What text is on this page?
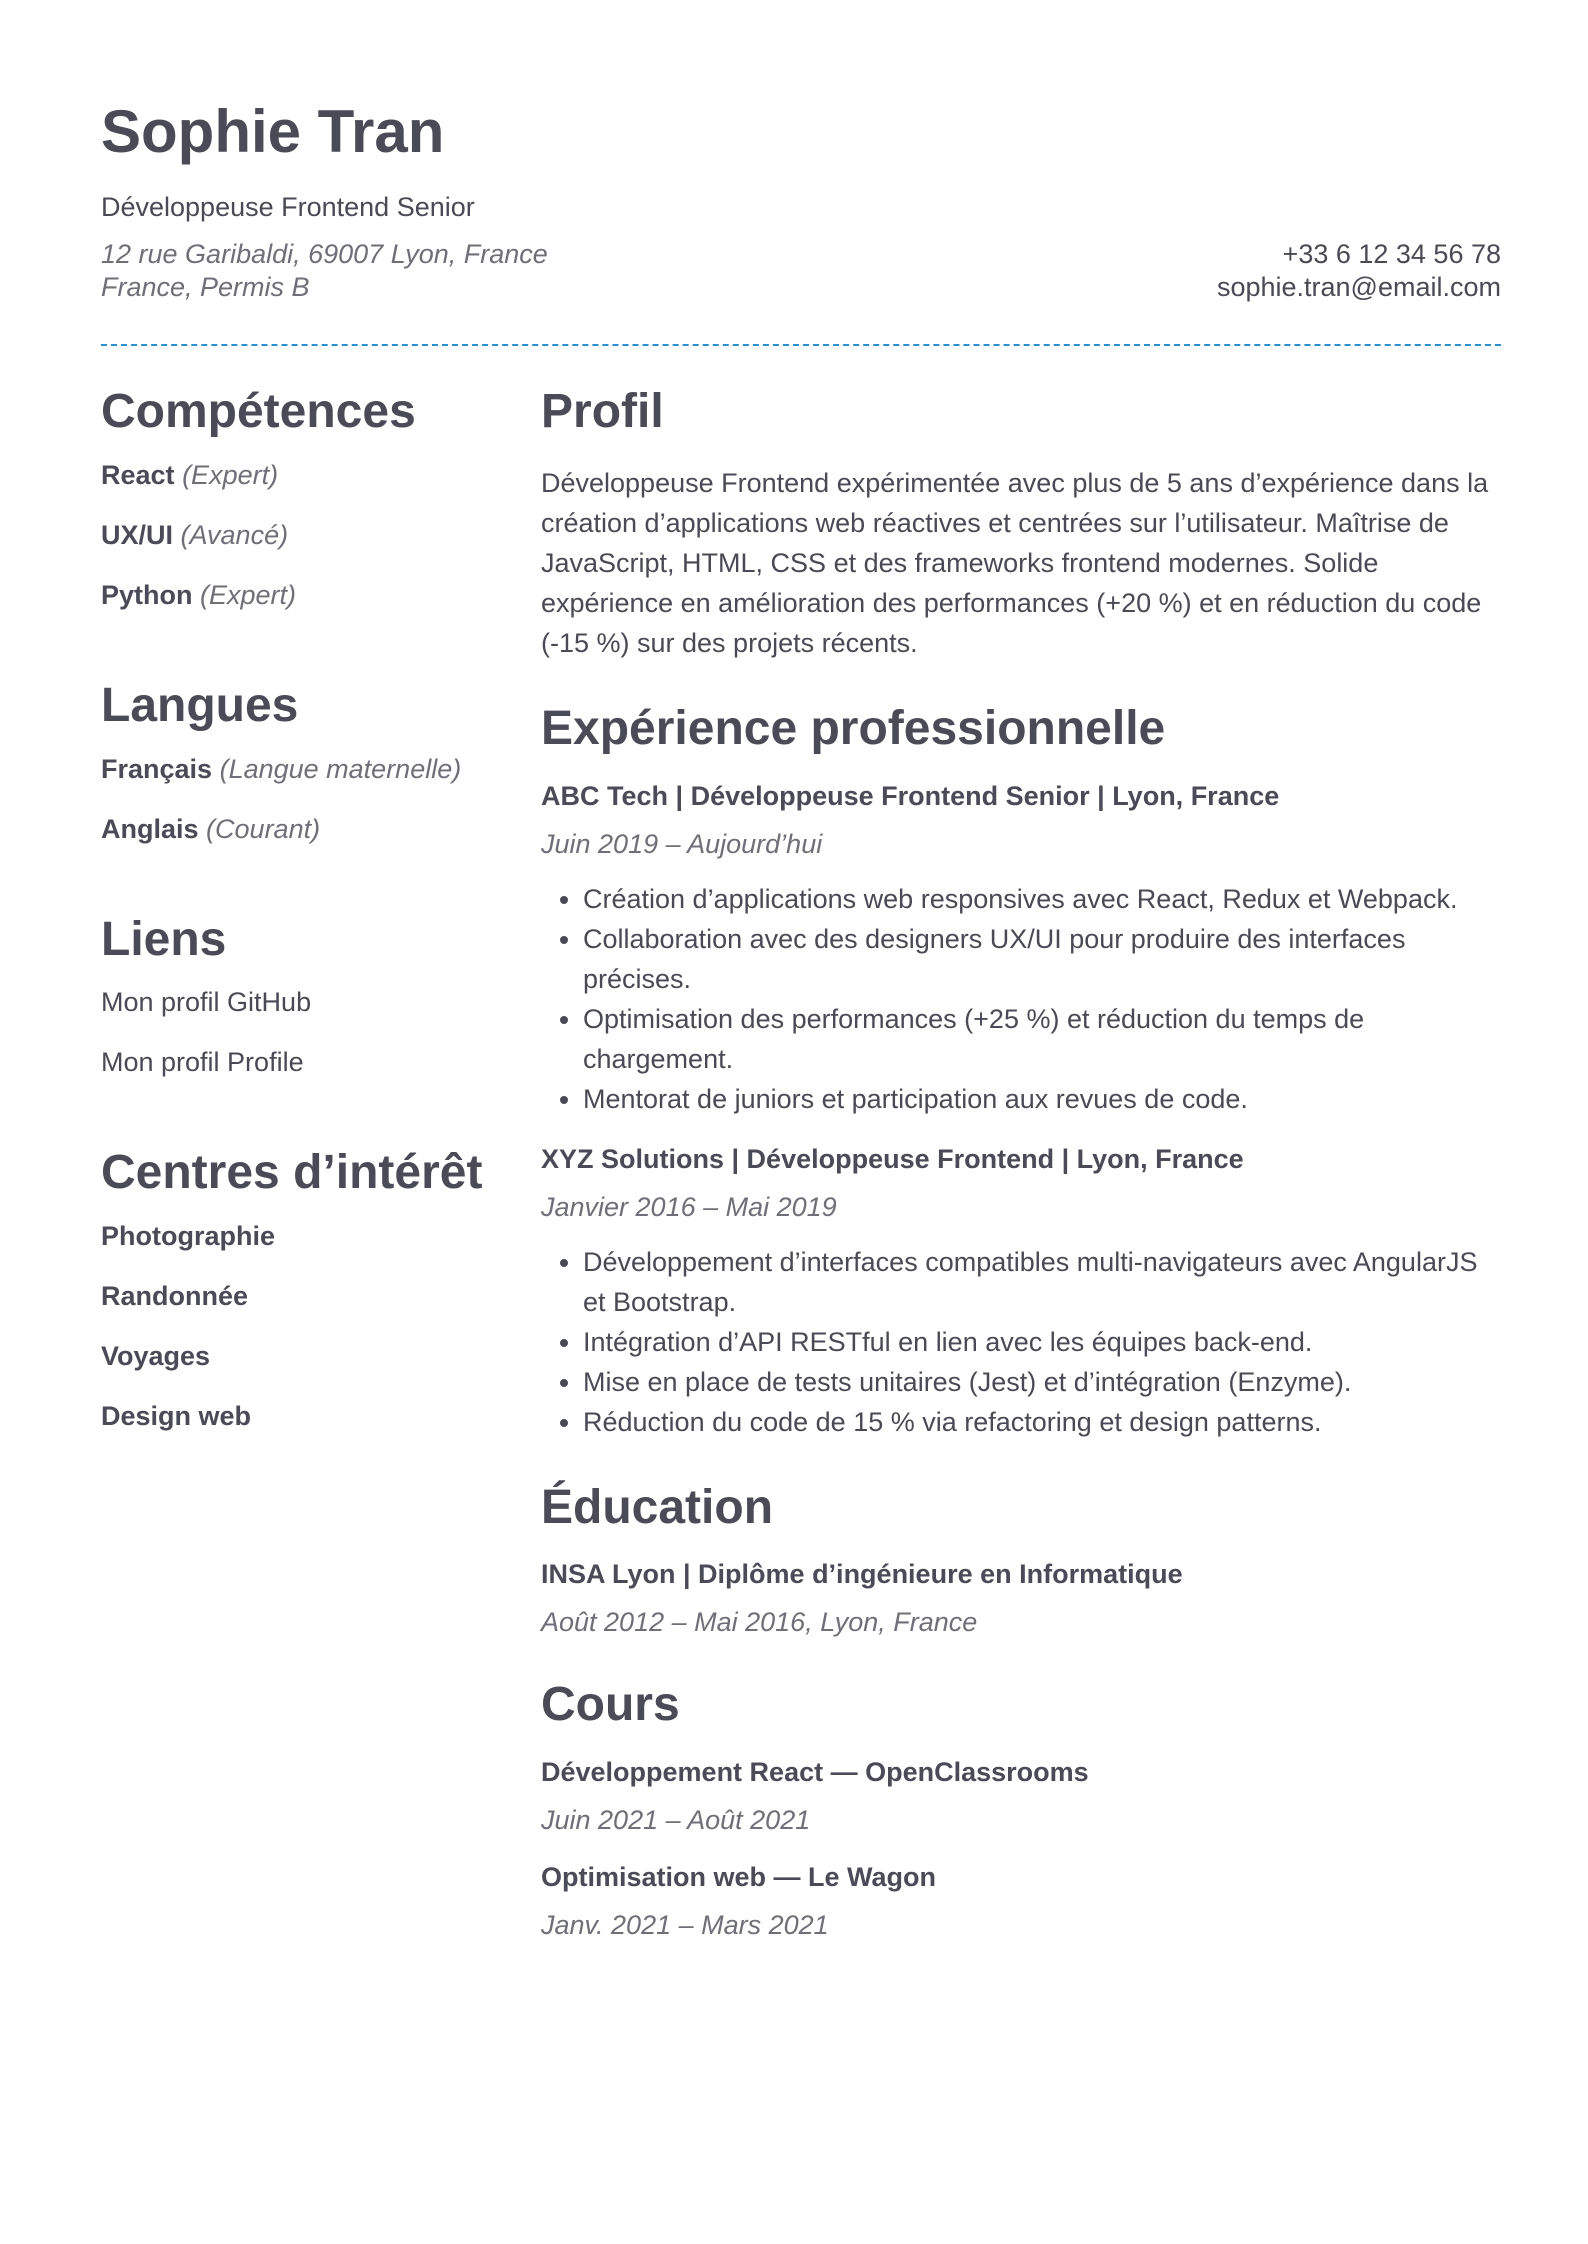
Sophie Tran
Développeuse Frontend Senior
12 rue Garibaldi, 69007 Lyon, France
France, Permis B
+33 6 12 34 56 78
sophie.tran@email.com
Compétences
React (Expert)
UX/UI (Avancé)
Python (Expert)
Langues
Français (Langue maternelle)
Anglais (Courant)
Liens
Mon profil GitHub
Mon profil Profile
Centres d’intérêt
Photographie
Randonnée
Voyages
Design web
Profil
Développeuse Frontend expérimentée avec plus de 5 ans d’expérience dans la création d’applications web réactives et centrées sur l’utilisateur. Maîtrise de JavaScript, HTML, CSS et des frameworks frontend modernes. Solide expérience en amélioration des performances (+20 %) et en réduction du code (-15 %) sur des projets récents.
Expérience professionnelle
ABC Tech | Développeuse Frontend Senior | Lyon, France
Juin 2019 – Aujourd’hui
• Création d’applications web responsives avec React, Redux et Webpack.
• Collaboration avec des designers UX/UI pour produire des interfaces précises.
• Optimisation des performances (+25 %) et réduction du temps de chargement.
• Mentorat de juniors et participation aux revues de code.
XYZ Solutions | Développeuse Frontend | Lyon, France
Janvier 2016 – Mai 2019
• Développement d’interfaces compatibles multi-navigateurs avec AngularJS et Bootstrap.
• Intégration d’API RESTful en lien avec les équipes back-end.
• Mise en place de tests unitaires (Jest) et d’intégration (Enzyme).
• Réduction du code de 15 % via refactoring et design patterns.
Éducation
INSA Lyon | Diplôme d’ingénieure en Informatique
Août 2012 – Mai 2016, Lyon, France
Cours
Développement React — OpenClassrooms
Juin 2021 – Août 2021
Optimisation web — Le Wagon
Janv. 2021 – Mars 2021
